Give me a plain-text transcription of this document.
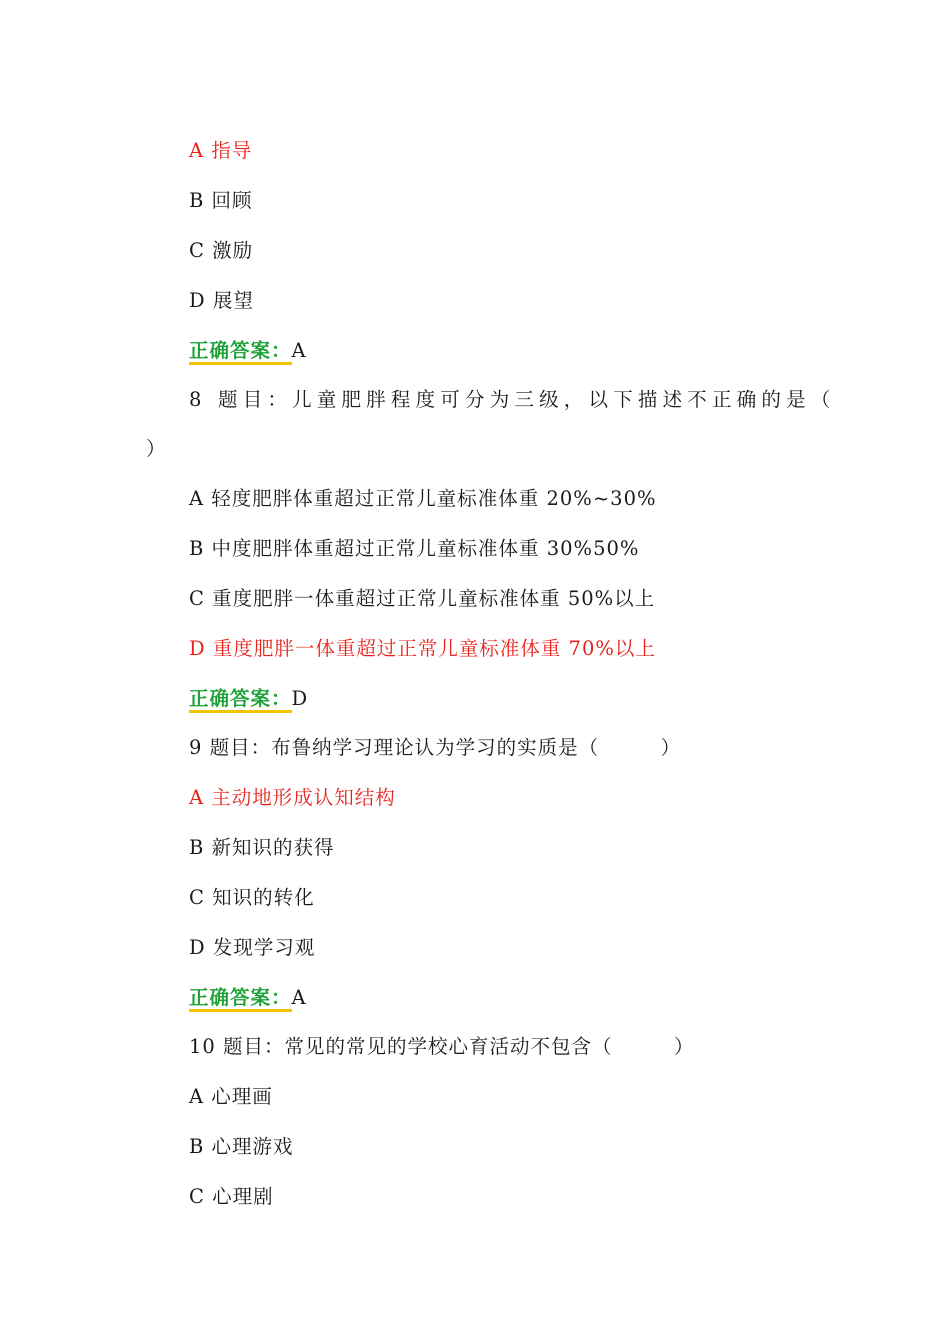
A 指导
B 回顾
C 激励
D 展望
正确答案：A
8 题目：儿童肥胖程度可分为三级，以下描述不正确的是（
）
A 轻度肥胖体重超过正常儿童标准体重 20%~30%
B 中度肥胖体重超过正常儿童标准体重 30%50%
C 重度肥胖一体重超过正常儿童标准体重 50%以上
D 重度肥胖一体重超过正常儿童标准体重 70%以上
正确答案：D
9 题目：布鲁纳学习理论认为学习的实质是（　　　）
A 主动地形成认知结构
B 新知识的获得
C 知识的转化
D 发现学习观
正确答案：A
10 题目：常见的常见的学校心育活动不包含（　　　）
A 心理画
B 心理游戏
C 心理剧
